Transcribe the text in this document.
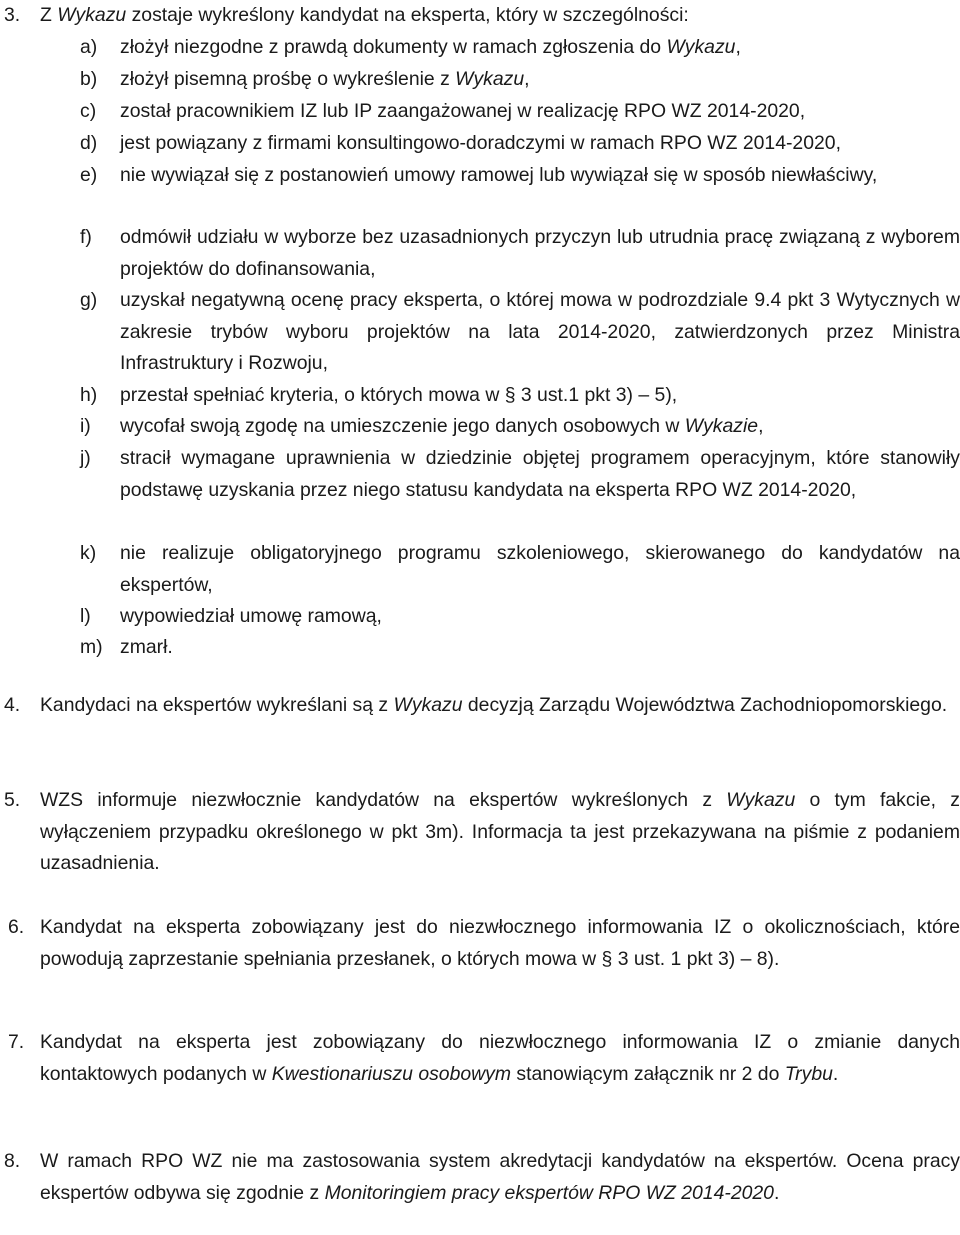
3. Z Wykazu zostaje wykreślony kandydat na eksperta, który w szczególności:
a) złożył niezgodne z prawdą dokumenty w ramach zgłoszenia do Wykazu,
b) złożył pisemną prośbę o wykreślenie z Wykazu,
c) został pracownikiem IZ lub IP zaangażowanej w realizację RPO WZ 2014-2020,
d) jest powiązany z firmami konsultingowo-doradczymi w ramach RPO WZ 2014-2020,
e) nie wywiązał się z postanowień umowy ramowej lub wywiązał się w sposób niewłaściwy,
f) odmówił udziału w wyborze bez uzasadnionych przyczyn lub utrudnia pracę związaną z wyborem projektów do dofinansowania,
g) uzyskał negatywną ocenę pracy eksperta, o której mowa w podrozdziale 9.4 pkt 3 Wytycznych w zakresie trybów wyboru projektów na lata 2014-2020, zatwierdzonych przez Ministra Infrastruktury i Rozwoju,
h) przestał spełniać kryteria, o których mowa w § 3 ust.1 pkt 3) – 5),
i) wycofał swoją zgodę na umieszczenie jego danych osobowych w Wykazie,
j) stracił wymagane uprawnienia w dziedzinie objętej programem operacyjnym, które stanowiły podstawę uzyskania przez niego statusu kandydata na eksperta RPO WZ 2014-2020,
k) nie realizuje obligatoryjnego programu szkoleniowego, skierowanego do kandydatów na ekspertów,
l) wypowiedział umowę ramową,
m) zmarł.
4. Kandydaci na ekspertów wykreślani są z Wykazu decyzją Zarządu Województwa Zachodniopomorskiego.
5. WZS informuje niezwłocznie kandydatów na ekspertów wykreślonych z Wykazu o tym fakcie, z wyłączeniem przypadku określonego w pkt 3m). Informacja ta jest przekazywana na piśmie z podaniem uzasadnienia.
6. Kandydat na eksperta zobowiązany jest do niezwłocznego informowania IZ o okolicznościach, które powodują zaprzestanie spełniania przesłanek, o których mowa w § 3 ust. 1 pkt 3) – 8).
7. Kandydat na eksperta jest zobowiązany do niezwłocznego informowania IZ o zmianie danych kontaktowych podanych w Kwestionariuszu osobowym stanowiącym załącznik nr 2 do Trybu.
8. W ramach RPO WZ nie ma zastosowania system akredytacji kandydatów na ekspertów. Ocena pracy ekspertów odbywa się zgodnie z Monitoringiem pracy ekspertów RPO WZ 2014-2020.
